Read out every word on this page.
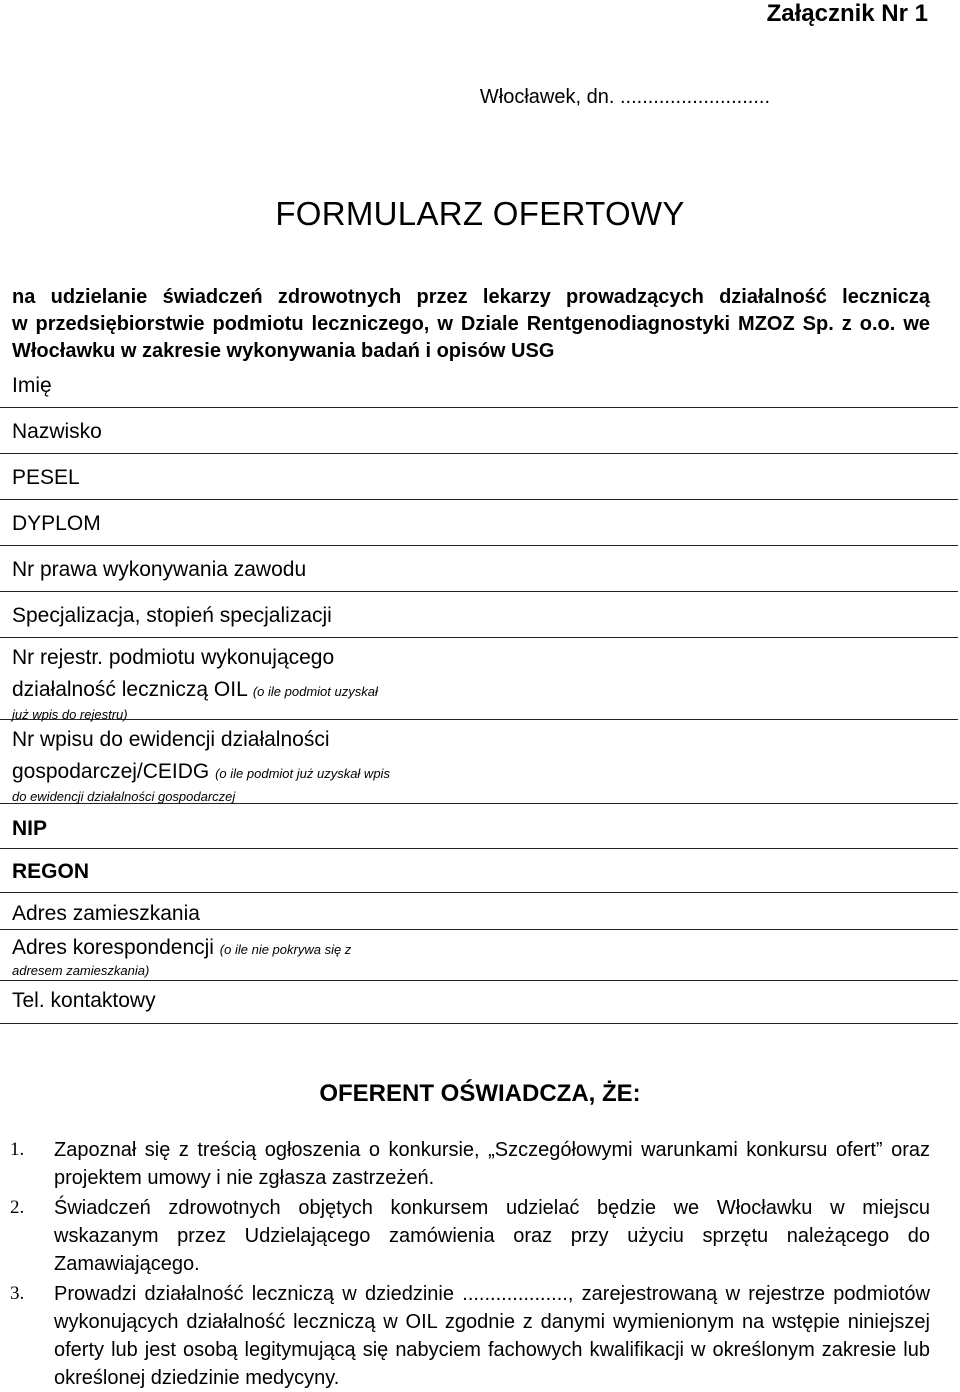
Załącznik Nr 1
Włocławek, dn. ...........................
FORMULARZ OFERTOWY
na udzielanie świadczeń zdrowotnych przez lekarzy prowadzących działalność leczniczą
w przedsiębiorstwie podmiotu leczniczego, w Dziale Rentgenodiagnostyki MZOZ Sp. z o.o. we
Włocławku w zakresie wykonywania badań i opisów USG
Imię
Nazwisko
PESEL
DYPLOM
Nr prawa wykonywania zawodu
Specjalizacja, stopień specjalizacji
Nr rejestr. podmiotu wykonującego
działalność leczniczą OIL (o ile podmiot uzyskał
już wpis do rejestru)
Nr wpisu do ewidencji działalności
gospodarczej/CEIDG (o ile podmiot już uzyskał wpis
do ewidencji działalności gospodarczej
NIP
REGON
Adres zamieszkania
Adres korespondencji (o ile nie pokrywa się z
adresem zamieszkania)
Tel. kontaktowy
OFERENT OŚWIADCZA, ŻE:
1.	Zapoznał się z treścią ogłoszenia o konkursie, „Szczegółowymi warunkami konkursu ofert” oraz projektem umowy i nie zgłasza zastrzeżeń.
2.	Świadczeń zdrowotnych objętych konkursem udzielać będzie we Włocławku w miejscu wskazanym przez Udzielającego zamówienia oraz przy użyciu sprzętu należącego do Zamawiającego.
3.	Prowadzi działalność leczniczą w dziedzinie ..................., zarejestrowaną w rejestrze podmiotów wykonujących działalność leczniczą w OIL zgodnie z danymi wymienionym na wstępie niniejszej oferty lub jest osobą legitymującą się nabyciem fachowych kwalifikacji w określonym zakresie lub określonej dziedzinie medycyny.
